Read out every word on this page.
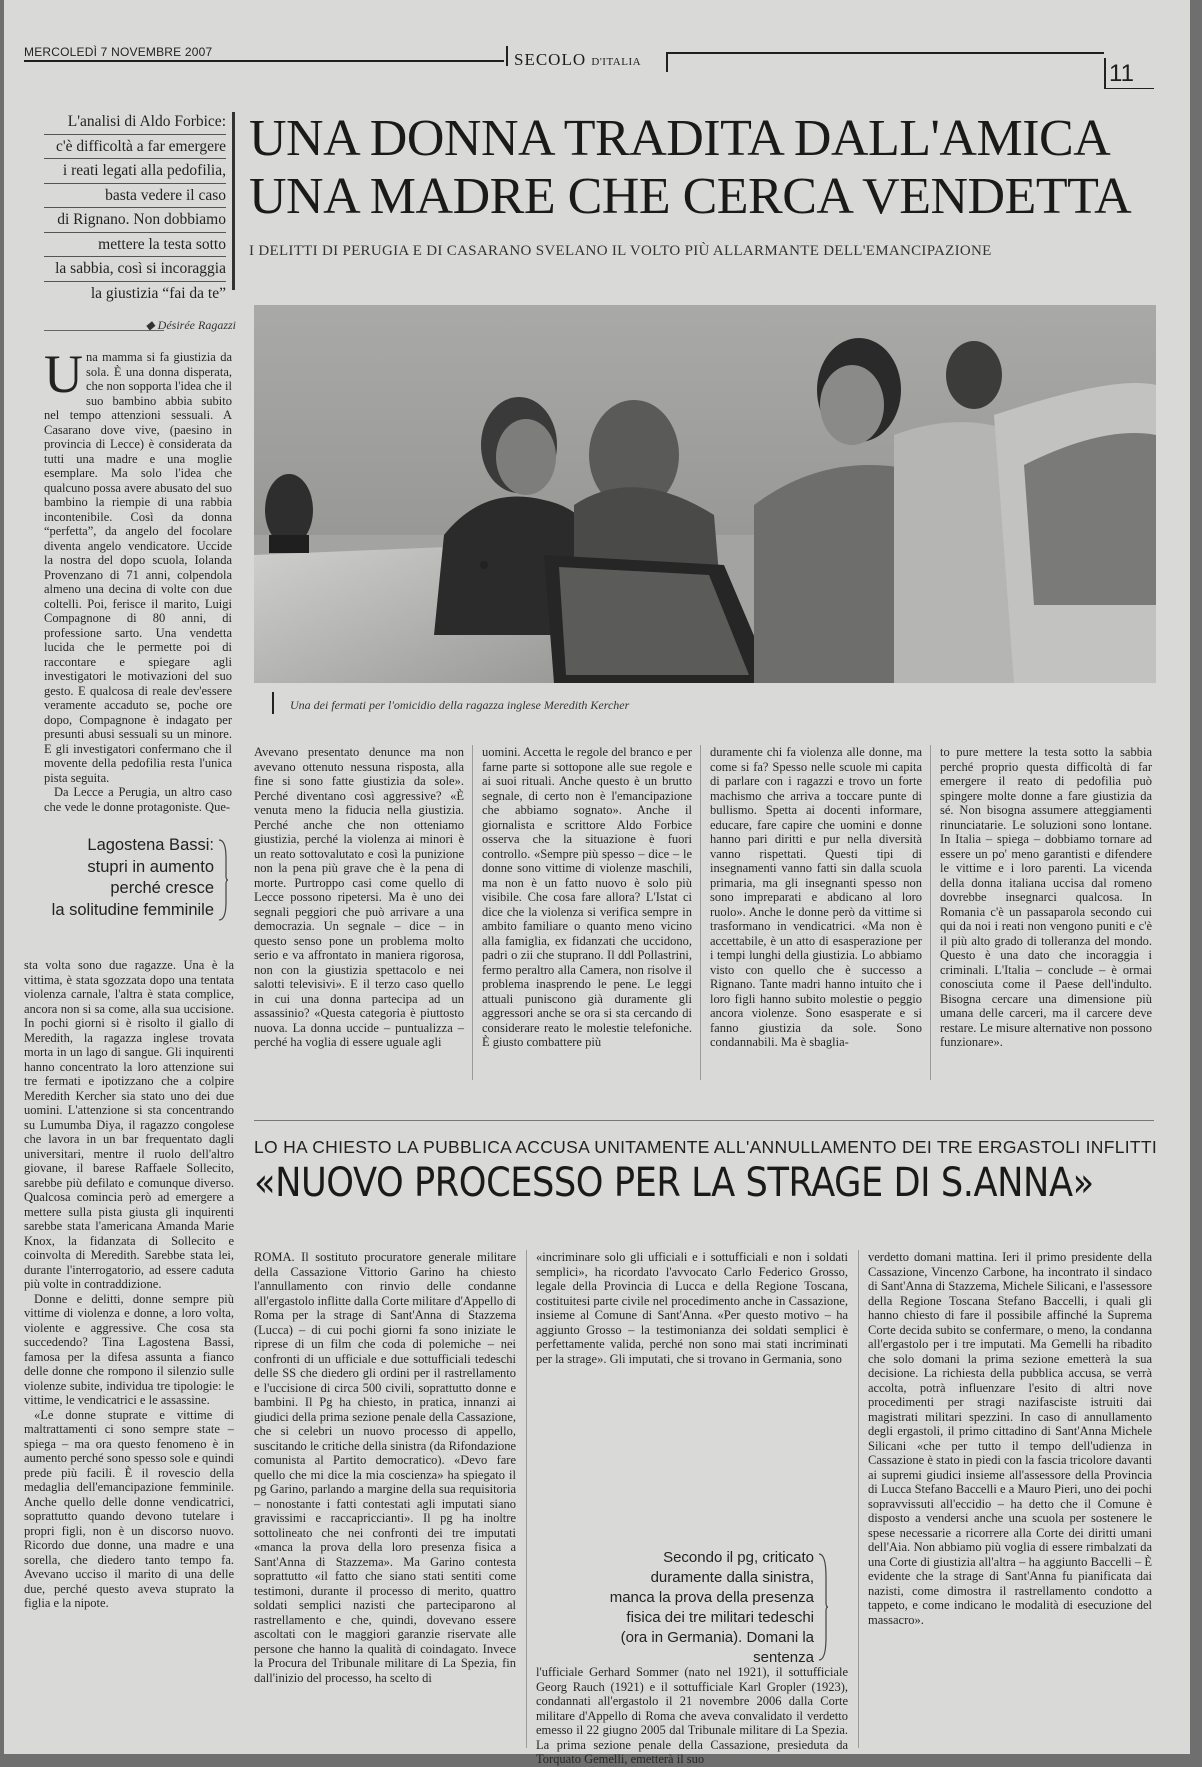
MERCOLEDÌ 7 NOVEMBRE 2007	SECOLO D'ITALIA	11
L'analisi di Aldo Forbice:
c'è difficoltà a far emergere
i reati legati alla pedofilia,
basta vedere il caso
di Rignano. Non dobbiamo
mettere la testa sotto
la sabbia, così si incoraggia
la giustizia “fai da te”
UNA DONNA TRADITA DALL'AMICA
UNA MADRE CHE CERCA VENDETTA
I DELITTI DI PERUGIA E DI CASARANO SVELANO IL VOLTO PIÙ ALLARMANTE DELL'EMANCIPAZIONE
◆ Désirée Ragazzi
U na mamma si fa giustizia da sola. È una donna disperata, che non sopporta l'idea che il suo bambino abbia subito nel tempo attenzioni sessuali. A Casarano dove vive, (paesino in provincia di Lecce) è considerata da tutti una madre e una moglie esemplare. Ma solo l'idea che qualcuno possa avere abusato del suo bambino la riempie di una rabbia incontenibile. Così da donna “perfetta”, da angelo del focolare diventa angelo vendicatore. Uccide la nostra del dopo scuola, Iolanda Provenzano di 71 anni, colpendola almeno una decina di volte con due coltelli. Poi, ferisce il marito, Luigi Compagnone di 80 anni, di professione sarto. Una vendetta lucida che le permette poi di raccontare e spiegare agli investigatori le motivazioni del suo gesto. E qualcosa di reale dev'essere veramente accaduto se, poche ore dopo, Compagnone è indagato per presunti abusi sessuali su un minore. E gli investigatori confermano che il movente della pedofilia resta l'unica pista seguita.

Da Lecce a Perugia, un altro caso che vede le donne protagoniste. Que-

Lagostena Bassi:
stupri in aumento
perché cresce
la solitudine femminile

sta volta sono due ragazze. Una è la vittima, è stata sgozzata dopo una tentata violenza carnale, l'altra è stata complice, ancora non si sa come, alla sua uccisione. In pochi giorni si è risolto il giallo di Meredith, la ragazza inglese trovata morta in un lago di sangue. Gli inquirenti hanno concentrato la loro attenzione sui tre fermati e ipotizzano che a colpire Meredith Kercher sia stato uno dei due uomini. L'attenzione si sta concentrando su Lumumba Diya, il ragazzo congolese che lavora in un bar frequentato dagli universitari, mentre il ruolo dell'altro giovane, il barese Raffaele Sollecito, sarebbe più defilato e comunque diverso. Qualcosa comincia però ad emergere a mettere sulla pista giusta gli inquirenti sarebbe stata l'americana Amanda Marie Knox, la fidanzata di Sollecito e coinvolta di Meredith. Sarebbe stata lei, durante l'interrogatorio, ad essere caduta più volte in contraddizione.

Donne e delitti, donne sempre più vittime di violenza e donne, a loro volta, violente e aggressive. Che cosa sta succedendo? Tina Lagostena Bassi, famosa per la difesa assunta a fianco delle donne che rompono il silenzio sulle violenze subite, individua tre tipologie: le vittime, le vendicatrici e le assassine.

«Le donne stuprate e vittime di maltrattamenti ci sono sempre state – spiega – ma ora questo fenomeno è in aumento perché sono spesso sole e quindi prede più facili. È il rovescio della medaglia dell'emancipazione femminile. Anche quello delle donne vendicatrici, soprattutto quando devono tutelare i propri figli, non è un discorso nuovo. Ricordo due donne, una madre e una sorella, che diedero tanto tempo fa. Avevano ucciso il marito di una delle due, perché questo aveva stuprato la figlia e la nipote.

Una dei fermati per l'omicidio della ragazza inglese Meredith Kercher

Avevano presentato denunce ma non avevano ottenuto nessuna risposta, alla fine si sono fatte giustizia da sole». Perché diventano così aggressive? «È venuta meno la fiducia nella giustizia. Perché anche che non otteniamo giustizia, perché la violenza ai minori è un reato sottovalutato e così la punizione non la pena più grave che è la pena di morte. Purtroppo casi come quello di Lecce possono ripetersi. Ma è uno dei segnali peggiori che può arrivare a una democrazia. Un segnale – dice – in questo senso pone un problema molto serio e va affrontato in maniera rigorosa, non con la giustizia spettacolo e nei salotti televisivi». E il terzo caso quello in cui una donna partecipa ad un assassinio? «Questa categoria è piuttosto nuova. La donna uccide – puntualizza – perché ha voglia di essere uguale agli

uomini. Accetta le regole del branco e per farne parte si sottopone alle sue regole e ai suoi rituali. Anche questo è un brutto segnale, di certo non è l'emancipazione che abbiamo sognato». Anche il giornalista e scrittore Aldo Forbice osserva che la situazione è fuori controllo. «Sempre più spesso – dice – le donne sono vittime di violenze maschili, ma non è un fatto nuovo è solo più visibile. Che cosa fare allora? L'Istat ci dice che la violenza si verifica sempre in ambito familiare o quanto meno vicino alla famiglia, ex fidanzati che uccidono, padri o zii che stuprano. Il ddl Pollastrini, fermo peraltro alla Camera, non risolve il problema inasprendo le pene. Le leggi attuali puniscono già duramente gli aggressori anche se ora si sta cercando di considerare reato le molestie telefoniche. È giusto combattere più

duramente chi fa violenza alle donne, ma come si fa? Spesso nelle scuole mi capita di parlare con i ragazzi e trovo un forte machismo che arriva a toccare punte di bullismo. Spetta ai docenti informare, educare, fare capire che uomini e donne hanno pari diritti e pur nella diversità vanno rispettati. Questi tipi di insegnamenti vanno fatti sin dalla scuola primaria, ma gli insegnanti spesso non sono impreparati e abdicano al loro ruolo». Anche le donne però da vittime si trasformano in vendicatrici. «Ma non è accettabile, è un atto di esasperazione per i tempi lunghi della giustizia. Lo abbiamo visto con quello che è successo a Rignano. Tante madri hanno intuito che i loro figli hanno subito molestie o peggio ancora violenze. Sono esasperate e si fanno giustizia da sole. Sono condannabili. Ma è sbaglia-

to pure mettere la testa sotto la sabbia perché proprio questa difficoltà di far emergere il reato di pedofilia può spingere molte donne a fare giustizia da sé. Non bisogna assumere atteggiamenti rinunciatarie. Le soluzioni sono lontane. In Italia – spiega – dobbiamo tornare ad essere un po' meno garantisti e difendere le vittime e i loro parenti. La vicenda della donna italiana uccisa dal romeno dovrebbe insegnarci qualcosa. In Romania c'è un passaparola secondo cui qui da noi i reati non vengono puniti e c'è il più alto grado di tolleranza del mondo. Questo è una dato che incoraggia i criminali. L'Italia – conclude – è ormai conosciuta come il Paese dell'indulto. Bisogna cercare una dimensione più umana delle carceri, ma il carcere deve restare. Le misure alternative non possono funzionare».

LO HA CHIESTO LA PUBBLICA ACCUSA UNITAMENTE ALL'ANNULLAMENTO DEI TRE ERGASTOLI INFLITTI
«NUOVO PROCESSO PER LA STRAGE DI S.ANNA»

ROMA. Il sostituto procuratore generale militare della Cassazione Vittorio Garino ha chiesto l'annullamento con rinvio delle condanne all'ergastolo inflitte dalla Corte militare d'Appello di Roma per la strage di Sant'Anna di Stazzema (Lucca) – di cui pochi giorni fa sono iniziate le riprese di un film che coda di polemiche – nei confronti di un ufficiale e due sottufficiali tedeschi delle SS che diedero gli ordini per il rastrellamento e l'uccisione di circa 500 civili, soprattutto donne e bambini. Il Pg ha chiesto, in pratica, innanzi ai giudici della prima sezione penale della Cassazione, che si celebri un nuovo processo di appello, suscitando le critiche della sinistra (da Rifondazione comunista al Partito democratico). «Devo fare quello che mi dice la mia coscienza» ha spiegato il pg Garino, parlando a margine della sua requisitoria – nonostante i fatti contestati agli imputati siano gravissimi e raccapriccianti». Il pg ha inoltre sottolineato che nei confronti dei tre imputati «manca la prova della loro presenza fisica a Sant'Anna di Stazzema». Ma Garino contesta soprattutto «il fatto che siano stati sentiti come testimoni, durante il processo di merito, quattro soldati semplici nazisti che parteciparono al rastrellamento e che, quindi, dovevano essere ascoltati con le maggiori garanzie riservate alle persone che hanno la qualità di coindagato. Invece la Procura del Tribunale militare di La Spezia, fin dall'inizio del processo, ha scelto di

«incriminare solo gli ufficiali e i sottufficiali e non i soldati semplici», ha ricordato l'avvocato Carlo Federico Grosso, legale della Provincia di Lucca e della Regione Toscana, costituitesi parte civile nel procedimento anche in Cassazione, insieme al Comune di Sant'Anna. «Per questo motivo – ha aggiunto Grosso – la testimonianza dei soldati semplici è perfettamente valida, perché non sono mai stati incriminati per la strage». Gli imputati, che si trovano in Germania, sono

Secondo il pg, criticato duramente dalla sinistra, manca la prova della presenza fisica dei tre militari tedeschi (ora in Germania). Domani la sentenza

l'ufficiale Gerhard Sommer (nato nel 1921), il sottufficiale Georg Rauch (1921) e il sottufficiale Karl Gropler (1923), condannati all'ergastolo il 21 novembre 2006 dalla Corte militare d'Appello di Roma che aveva convalidato il verdetto emesso il 22 giugno 2005 dal Tribunale militare di La Spezia. La prima sezione penale della Cassazione, presieduta da Torquato Gemelli, emetterà il suo

verdetto domani mattina. Ieri il primo presidente della Cassazione, Vincenzo Carbone, ha incontrato il sindaco di Sant'Anna di Stazzema, Michele Silicani, e l'assessore della Regione Toscana Stefano Baccelli, i quali gli hanno chiesto di fare il possibile affinché la Suprema Corte decida subito se confermare, o meno, la condanna all'ergastolo per i tre imputati. Ma Gemelli ha ribadito che solo domani la prima sezione emetterà la sua decisione. La richiesta della pubblica accusa, se verrà accolta, potrà influenzare l'esito di altri nove procedimenti per stragi nazifasciste istruiti dai magistrati militari spezzini. In caso di annullamento degli ergastoli, il primo cittadino di Sant'Anna Michele Silicani «che per tutto il tempo dell'udienza in Cassazione è stato in piedi con la fascia tricolore davanti ai supremi giudici insieme all'assessore della Provincia di Lucca Stefano Baccelli e a Mauro Pieri, uno dei pochi sopravvissuti all'eccidio – ha detto che il Comune è disposto a vendersi anche una scuola per sostenere le spese necessarie a ricorrere alla Corte dei diritti umani dell'Aia. Non abbiamo più voglia di essere rimbalzati da una Corte di giustizia all'altra – ha aggiunto Baccelli – È evidente che la strage di Sant'Anna fu pianificata dai nazisti, come dimostra il rastrellamento condotto a tappeto, e come indicano le modalità di esecuzione del massacro».
